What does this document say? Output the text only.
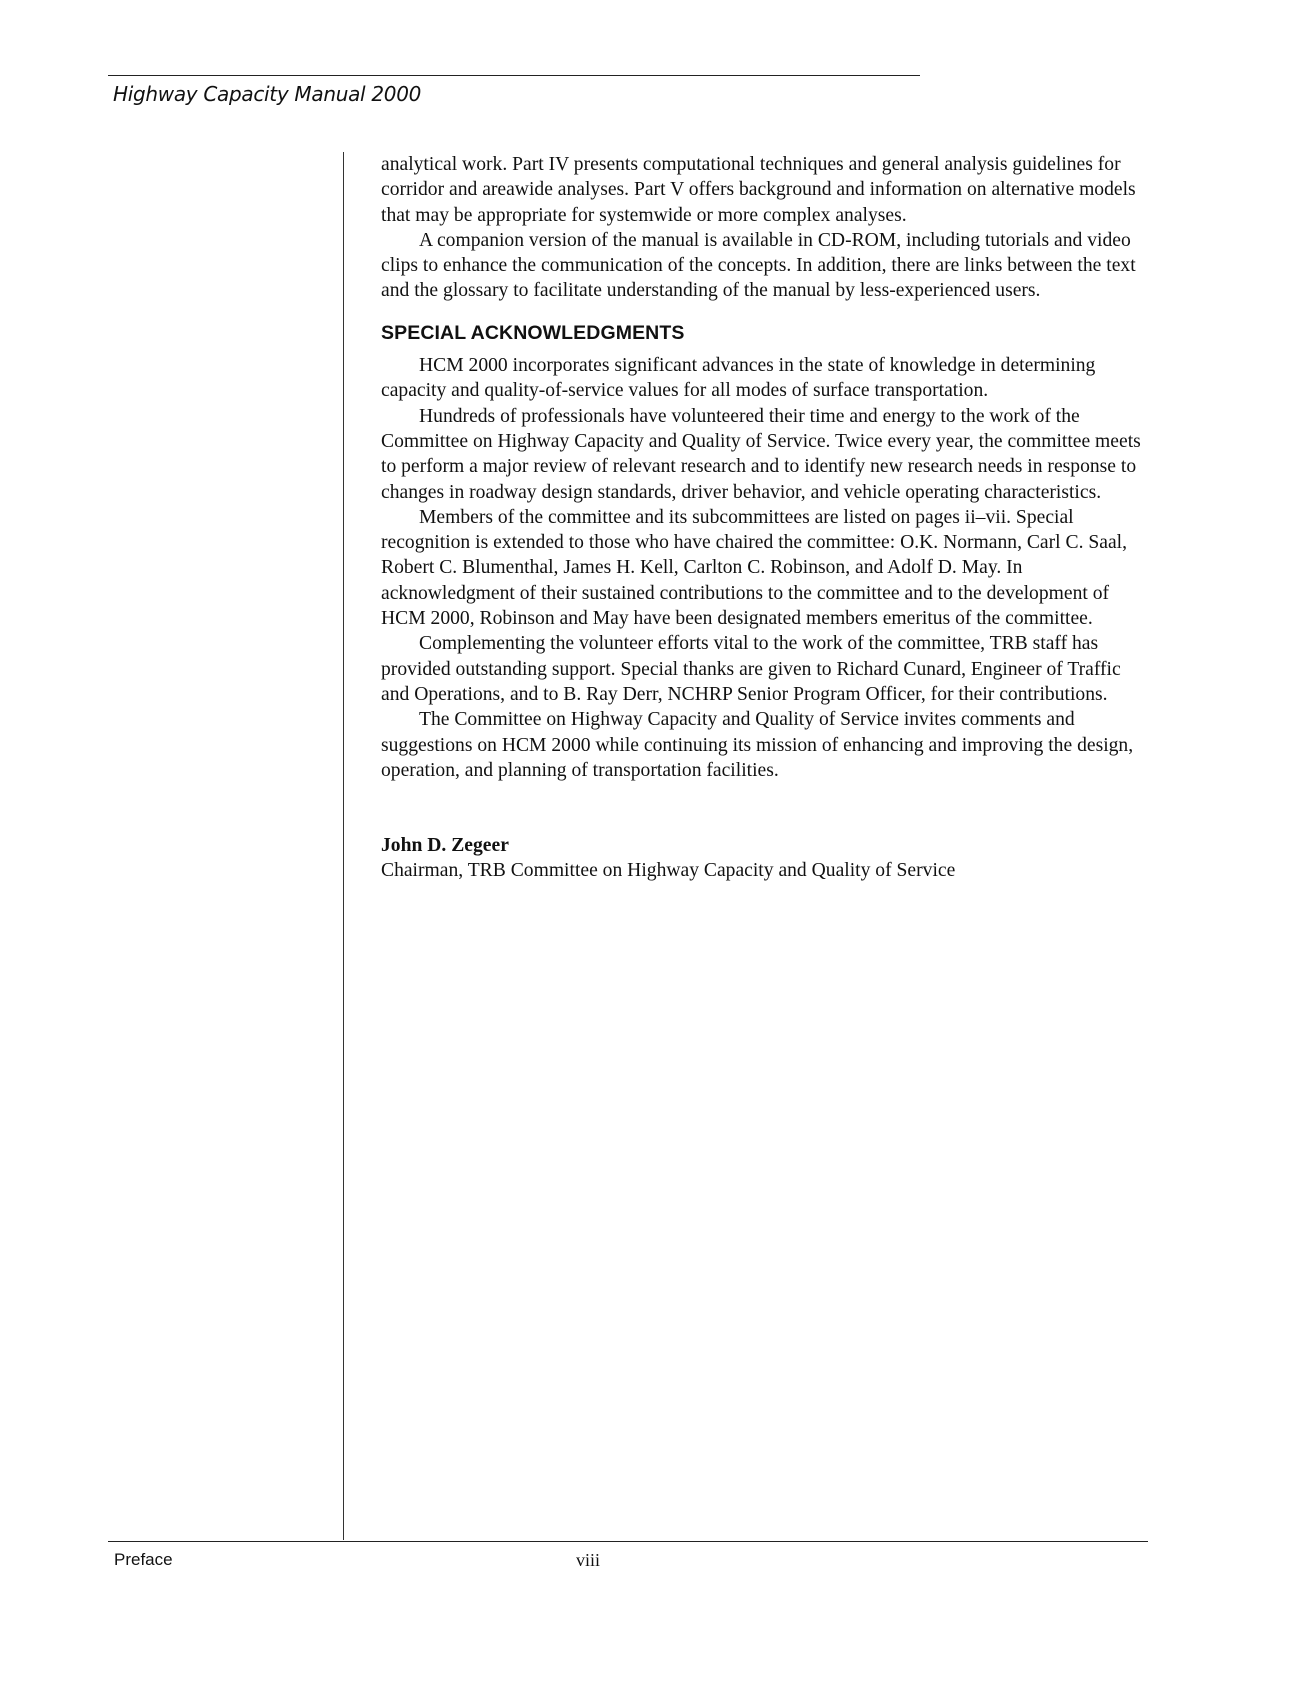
Highway Capacity Manual 2000

analytical work. Part IV presents computational techniques and general analysis guidelines for corridor and areawide analyses. Part V offers background and information on alternative models that may be appropriate for systemwide or more complex analyses.

A companion version of the manual is available in CD-ROM, including tutorials and video clips to enhance the communication of the concepts. In addition, there are links between the text and the glossary to facilitate understanding of the manual by less-experienced users.

SPECIAL ACKNOWLEDGMENTS

HCM 2000 incorporates significant advances in the state of knowledge in determining capacity and quality-of-service values for all modes of surface transportation.

Hundreds of professionals have volunteered their time and energy to the work of the Committee on Highway Capacity and Quality of Service. Twice every year, the committee meets to perform a major review of relevant research and to identify new research needs in response to changes in roadway design standards, driver behavior, and vehicle operating characteristics.

Members of the committee and its subcommittees are listed on pages ii–vii. Special recognition is extended to those who have chaired the committee: O.K. Normann, Carl C. Saal, Robert C. Blumenthal, James H. Kell, Carlton C. Robinson, and Adolf D. May. In acknowledgment of their sustained contributions to the committee and to the development of HCM 2000, Robinson and May have been designated members emeritus of the committee.

Complementing the volunteer efforts vital to the work of the committee, TRB staff has provided outstanding support. Special thanks are given to Richard Cunard, Engineer of Traffic and Operations, and to B. Ray Derr, NCHRP Senior Program Officer, for their contributions.

The Committee on Highway Capacity and Quality of Service invites comments and suggestions on HCM 2000 while continuing its mission of enhancing and improving the design, operation, and planning of transportation facilities.

John D. Zegeer

Chairman, TRB Committee on Highway Capacity and Quality of Service

Preface	viii
